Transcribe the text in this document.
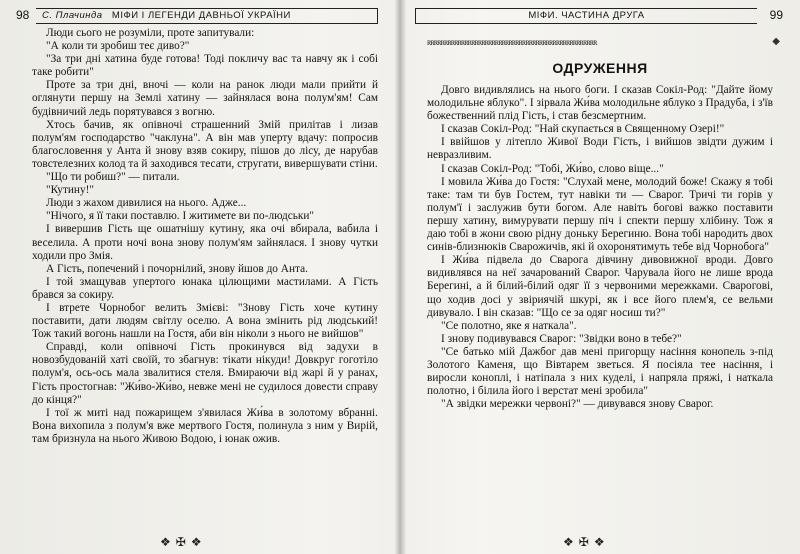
98	С. Плачинда МІФИ І ЛЕГЕНДИ ДАВНЬОЇ УКРАЇНИ

Люди сього не розуміли, проте запитували:

"А коли ти зробиш теє диво?"

"За три дні хатина буде готова! Тоді покличу вас та навчу як і собі таке робити"

Проте за три дні, вночі — коли на ранок люди мали прийти й оглянути першу на Землі хатину — зайнялася вона полум'ям! Сам будівничий ледь порятувався з вогню.

Хтось бачив, як опівночі страшенний Змій прилітав і лизав полум'ям господарство "чаклуна". А він мав уперту вдачу: попросив благословення у Анта й знову взяв сокиру, пішов до лісу, де нарубав товстелезних колод та й заходився тесати, стругати, вивершувати стіни.

"Що ти робиш?" — питали.

"Кутину!"

Люди з жахом дивилися на нього. Адже...

"Нічого, я її таки поставлю. І житимете ви по-людськи"

І вивершив Гість ще ошатнішу кутину, яка очі вбирала, вабила і веселила. А проти ночі вона знову полум'ям зайнялася. І знову чутки ходили про Змія.

А Гість, попечений і почорнілий, знову йшов до Анта.

І той змащував упертого юнака цілющими мастилами. А Гість брався за сокиру.

І втрете Чорнобог велить Змієві: "Знову Гість хоче кутину поставити, дати людям світлу оселю. А вона змінить рід людський! Тож такий вогонь нашли на Гостя, аби він ніколи з нього не вийшов"

Справді, коли опівночі Гість прокинувся від задухи в новозбудованій хаті своїй, то збагнув: тікати нікуди! Довкруг гоготіло полум'я, ось-ось мала звалитися стеля. Вмираючи від жарі й у ранах, Гість простогнав: "Жи́во-Жи́во, невже мені не судилося довести справу до кінця?"

І тої ж миті над пожарищем з'явилася Жи́ва в золотому вбранні. Вона вихопила з полум'я вже мертвого Гостя, полинула з ним у Вирій, там бризнула на нього Живою Водою, і юнак ожив.

❖ ✠ ❖
МІФИ. ЧАСТИНА ДРУГА	99
ʀʀʀʀʀʀʀʀʀʀʀʀʀʀʀʀʀʀʀʀʀʀʀʀʀʀʀʀʀʀʀʀʀʀʀʀʀʀʀʀʀʀʀʀʀʀʀʀʀʀ	◆
ОДРУЖЕННЯ

Довго видивлялись на нього боги. І сказав Сокіл-Род: "Дайте йому молодильне яблуко". І зірвала Жи́ва молодильне яблуко з Прадуба, і з'їв божественний плід Гість, і став безсмертним.

І сказав Сокіл-Род: "Най скупається в Священному Озері!"

І ввійшов у літепло Живої Води Гість, і вийшов звідти дужим і невразливим.

І сказав Сокіл-Род: "Тобі, Жи́во, слово віще..."

І мовила Жи́ва до Гостя: "Слухай мене, молодий боже! Скажу я тобі таке: там ти був Гостем, тут навіки ти — Сварог. Тричі ти горів у полум'ї і заслужив бути богом. Але навіть богові важко поставити першу хатину, вимурувати першу піч і спекти першу хлібину. Тож я даю тобі в жони свою рідну доньку Берегиню. Вона тобі народить двох синів-близнюків Сварожичів, які й охоронятимуть тебе від Чорнобога"

І Жи́ва підвела до Сварога дівчину дивовижної вроди. Довго видивлявся на неї зачарований Сварог. Чарувала його не лише врода Берегині, а й білий-білий одяг її з червоними мережками. Сварогові, що ходив досі у звіриячій шкурі, як і все його плем'я, се вельми дивувало. І він сказав: "Що се за одяг носиш ти?"

"Се полотно, яке я наткала".

І знову подивувався Сварог: "Звідки воно в тебе?"

"Се батько мій Дажбог дав мені пригорщу насіння конопель з-під Золотого Каменя, що Вівтарем зветься. Я посіяла тее насіння, і виросли коноплі, і натіпала з них куделі, і напряла пряжі, і наткала полотно, і білила його і верстат мені зробила"

"А звідки мережки червоні?" — дивувався знову Сварог.

❖ ✠ ❖
